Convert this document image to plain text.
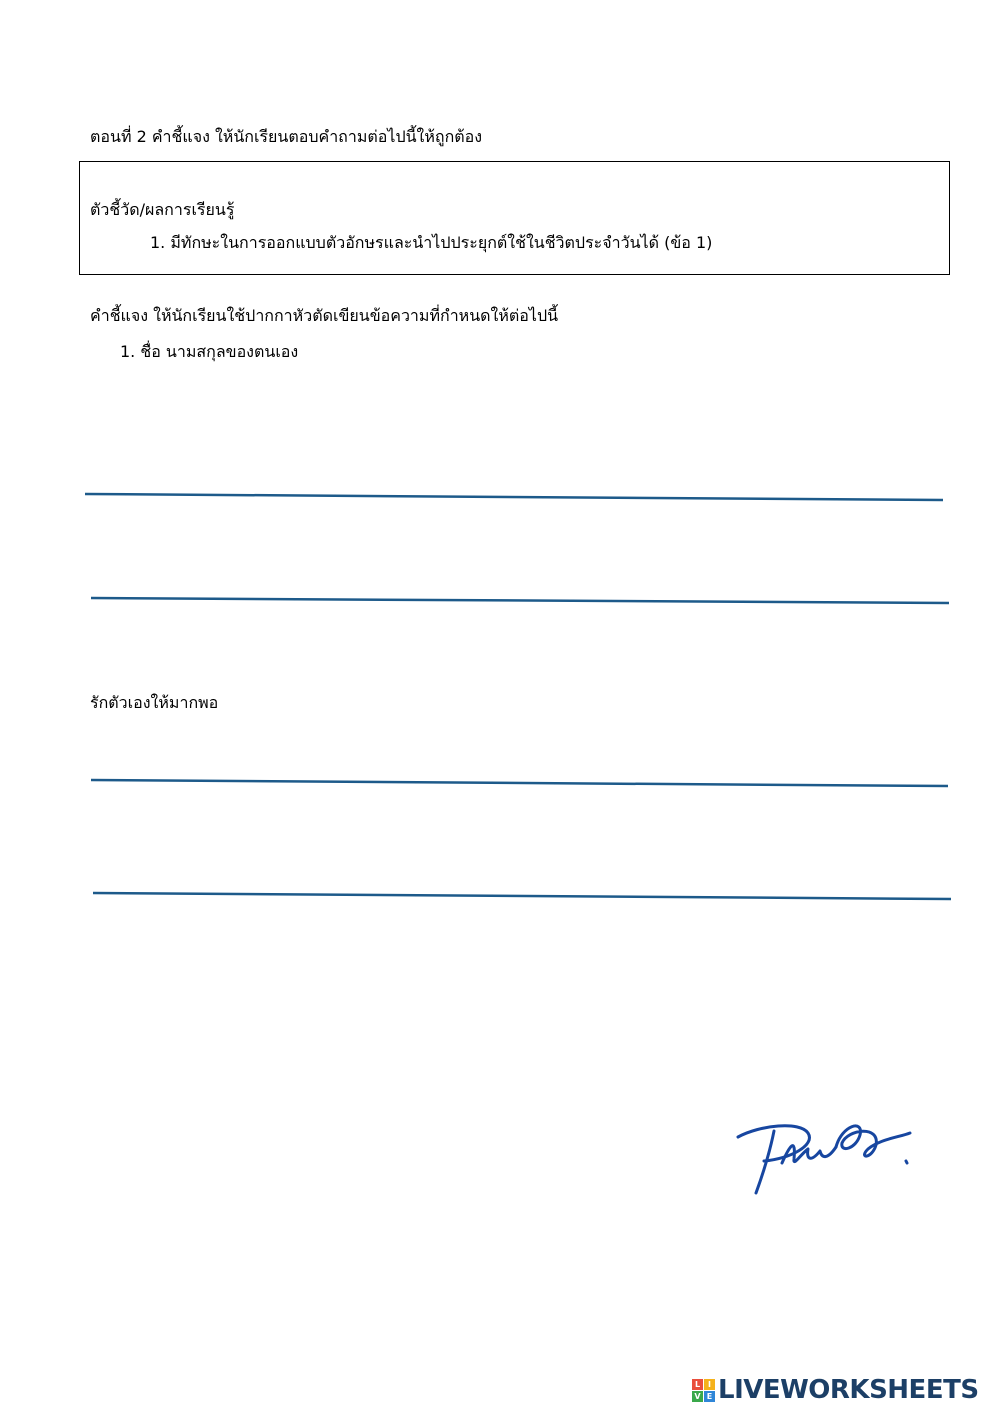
ตอนที่ 2 คำชี้แจง ให้นักเรียนตอบคำถามต่อไปนี้ให้ถูกต้อง
ตัวชี้วัด/ผลการเรียนรู้
1. มีทักษะในการออกแบบตัวอักษรและนำไปประยุกต์ใช้ในชีวิตประจำวันได้ (ข้อ 1)
คำชี้แจง ให้นักเรียนใช้ปากกาหัวตัดเขียนข้อความที่กำหนดให้ต่อไปนี้
1. ชื่อ นามสกุลของตนเอง
รักตัวเองให้มากพอ
L I
V E LIVEWORKSHEETS
